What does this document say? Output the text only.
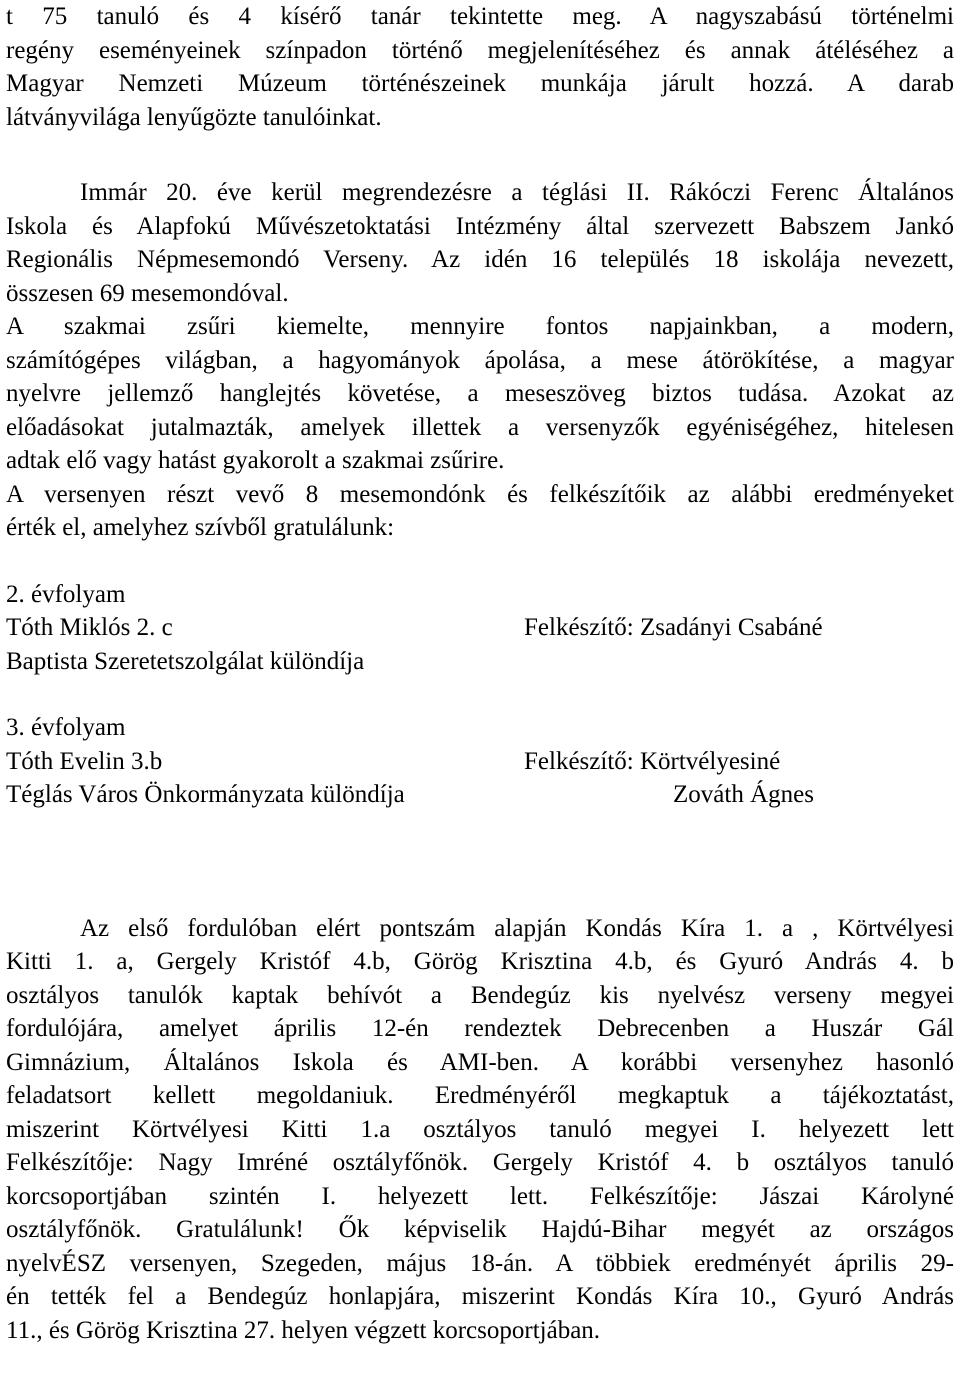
t 75 tanuló és 4 kísérő tanár tekintette meg. A nagyszabású történelmi
regény eseményeinek színpadon történő megjelenítéséhez és annak átéléséhez a
Magyar Nemzeti Múzeum történészeinek munkája járult hozzá. A darab
látványvilága lenyűgözte tanulóinkat.
Immár 20. éve kerül megrendezésre a téglási II. Rákóczi Ferenc Általános
Iskola és Alapfokú Művészetoktatási Intézmény által szervezett Babszem Jankó
Regionális Népmesemondó Verseny. Az idén 16 település 18 iskolája nevezett,
összesen 69 mesemondóval.
A szakmai zsűri kiemelte, mennyire fontos napjainkban, a modern,
számítógépes világban, a hagyományok ápolása, a mese átörökítése, a magyar
nyelvre jellemző hanglejtés követése, a meseszöveg biztos tudása. Azokat az
előadásokat jutalmazták, amelyek illettek a versenyzők egyéniségéhez, hitelesen
adtak elő vagy hatást gyakorolt a szakmai zsűrire.
A versenyen részt vevő 8 mesemondónk és felkészítőik az alábbi eredményeket
érték el, amelyhez szívből gratulálunk:
2. évfolyam
Tóth Miklós 2. c	Felkészítő: Zsadányi Csabáné
Baptista Szeretetszolgálat különdíja
3. évfolyam
Tóth Evelin 3.b	Felkészítő: Körtvélyesiné
Téglás Város Önkormányzata különdíja	Zováth Ágnes
Az első fordulóban elért pontszám alapján Kondás Kíra 1. a , Körtvélyesi
Kitti 1. a, Gergely Kristóf 4.b, Görög Krisztina 4.b, és Gyuró András 4. b
osztályos tanulók kaptak behívót a Bendegúz kis nyelvész verseny megyei
fordulójára, amelyet április 12-én rendeztek Debrecenben a Huszár Gál
Gimnázium, Általános Iskola és AMI-ben. A korábbi versenyhez hasonló
feladatsort kellett megoldaniuk. Eredményéről megkaptuk a tájékoztatást,
miszerint Körtvélyesi Kitti 1.a osztályos tanuló megyei I. helyezett lett
Felkészítője: Nagy Imréné osztályfőnök. Gergely Kristóf 4. b osztályos tanuló
korcsoportjában szintén I. helyezett lett. Felkészítője: Jászai Károlyné
osztályfőnök. Gratulálunk! Ők képviselik Hajdú-Bihar megyét az országos
nyelvÉSZ versenyen, Szegeden, május 18-án. A többiek eredményét április 29-
én tették fel a Bendegúz honlapjára, miszerint Kondás Kíra 10., Gyuró András
11., és Görög Krisztina 27. helyen végzett korcsoportjában.
